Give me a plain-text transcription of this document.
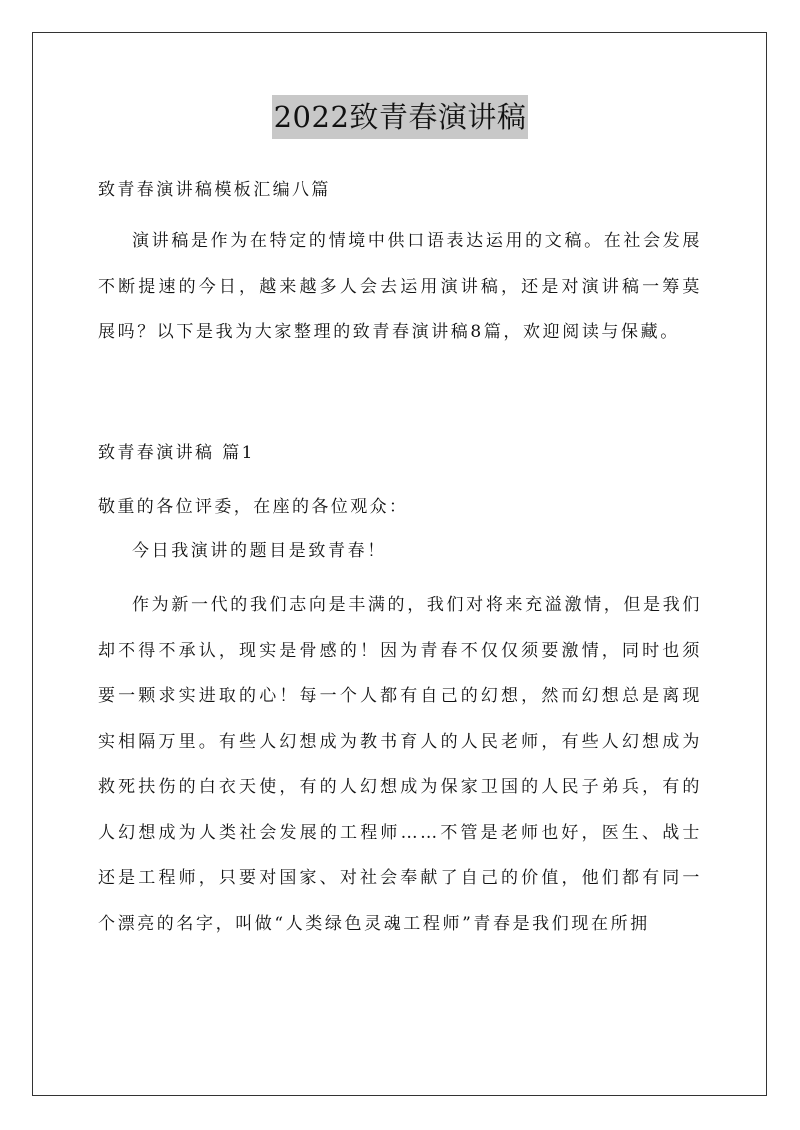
2022致青春演讲稿
致青春演讲稿模板汇编八篇

演讲稿是作为在特定的情境中供口语表达运用的文稿。在社会发展不断提速的今日，越来越多人会去运用演讲稿，还是对演讲稿一筹莫展吗？以下是我为大家整理的致青春演讲稿8篇，欢迎阅读与保藏。

致青春演讲稿 篇1
敬重的各位评委，在座的各位观众：

今日我演讲的题目是致青春！

作为新一代的我们志向是丰满的，我们对将来充溢激情，但是我们却不得不承认，现实是骨感的！因为青春不仅仅须要激情，同时也须要一颗求实进取的心！每一个人都有自己的幻想，然而幻想总是离现实相隔万里。有些人幻想成为教书育人的人民老师，有些人幻想成为救死扶伤的白衣天使，有的人幻想成为保家卫国的人民子弟兵，有的人幻想成为人类社会发展的工程师……不管是老师也好，医生、战士还是工程师，只要对国家、对社会奉献了自己的价值，他们都有同一个漂亮的名字，叫做“人类绿色灵魂工程师”青春是我们现在所拥
